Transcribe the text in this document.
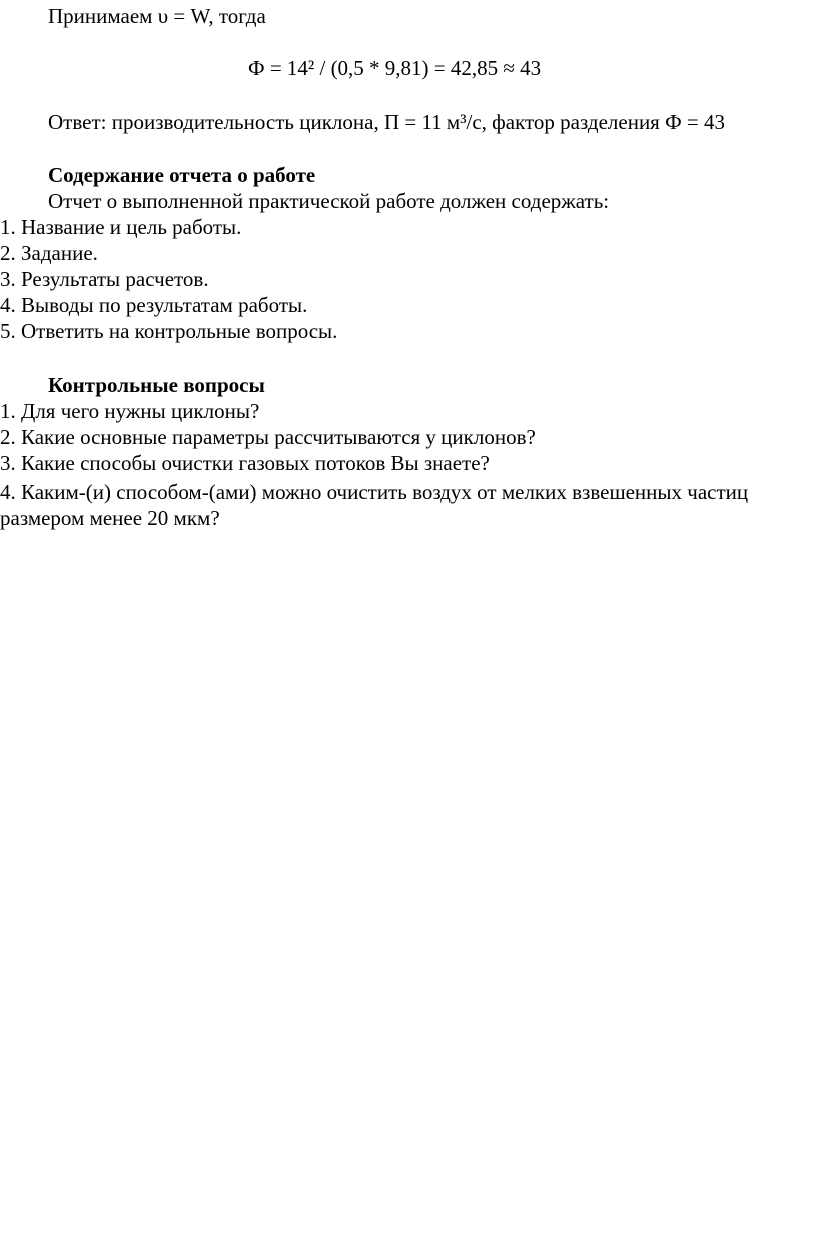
Принимаем υ = W, тогда
Ф = 14² / (0,5 * 9,81) = 42,85 ≈ 43
Ответ: производительность циклона, П = 11 м³/с, фактор разделения Ф = 43
Содержание отчета о работе
Отчет о выполненной практической работе должен содержать:
1. Название и цель работы.
2. Задание.
3. Результаты расчетов.
4. Выводы по результатам работы.
5. Ответить на контрольные вопросы.
Контрольные вопросы
1. Для чего нужны циклоны?
2. Какие основные параметры рассчитываются у циклонов?
3. Какие способы очистки газовых потоков Вы знаете?
4. Каким-(и) способом-(ами) можно очистить воздух от мелких взвешенных частиц
размером менее 20 мкм?
